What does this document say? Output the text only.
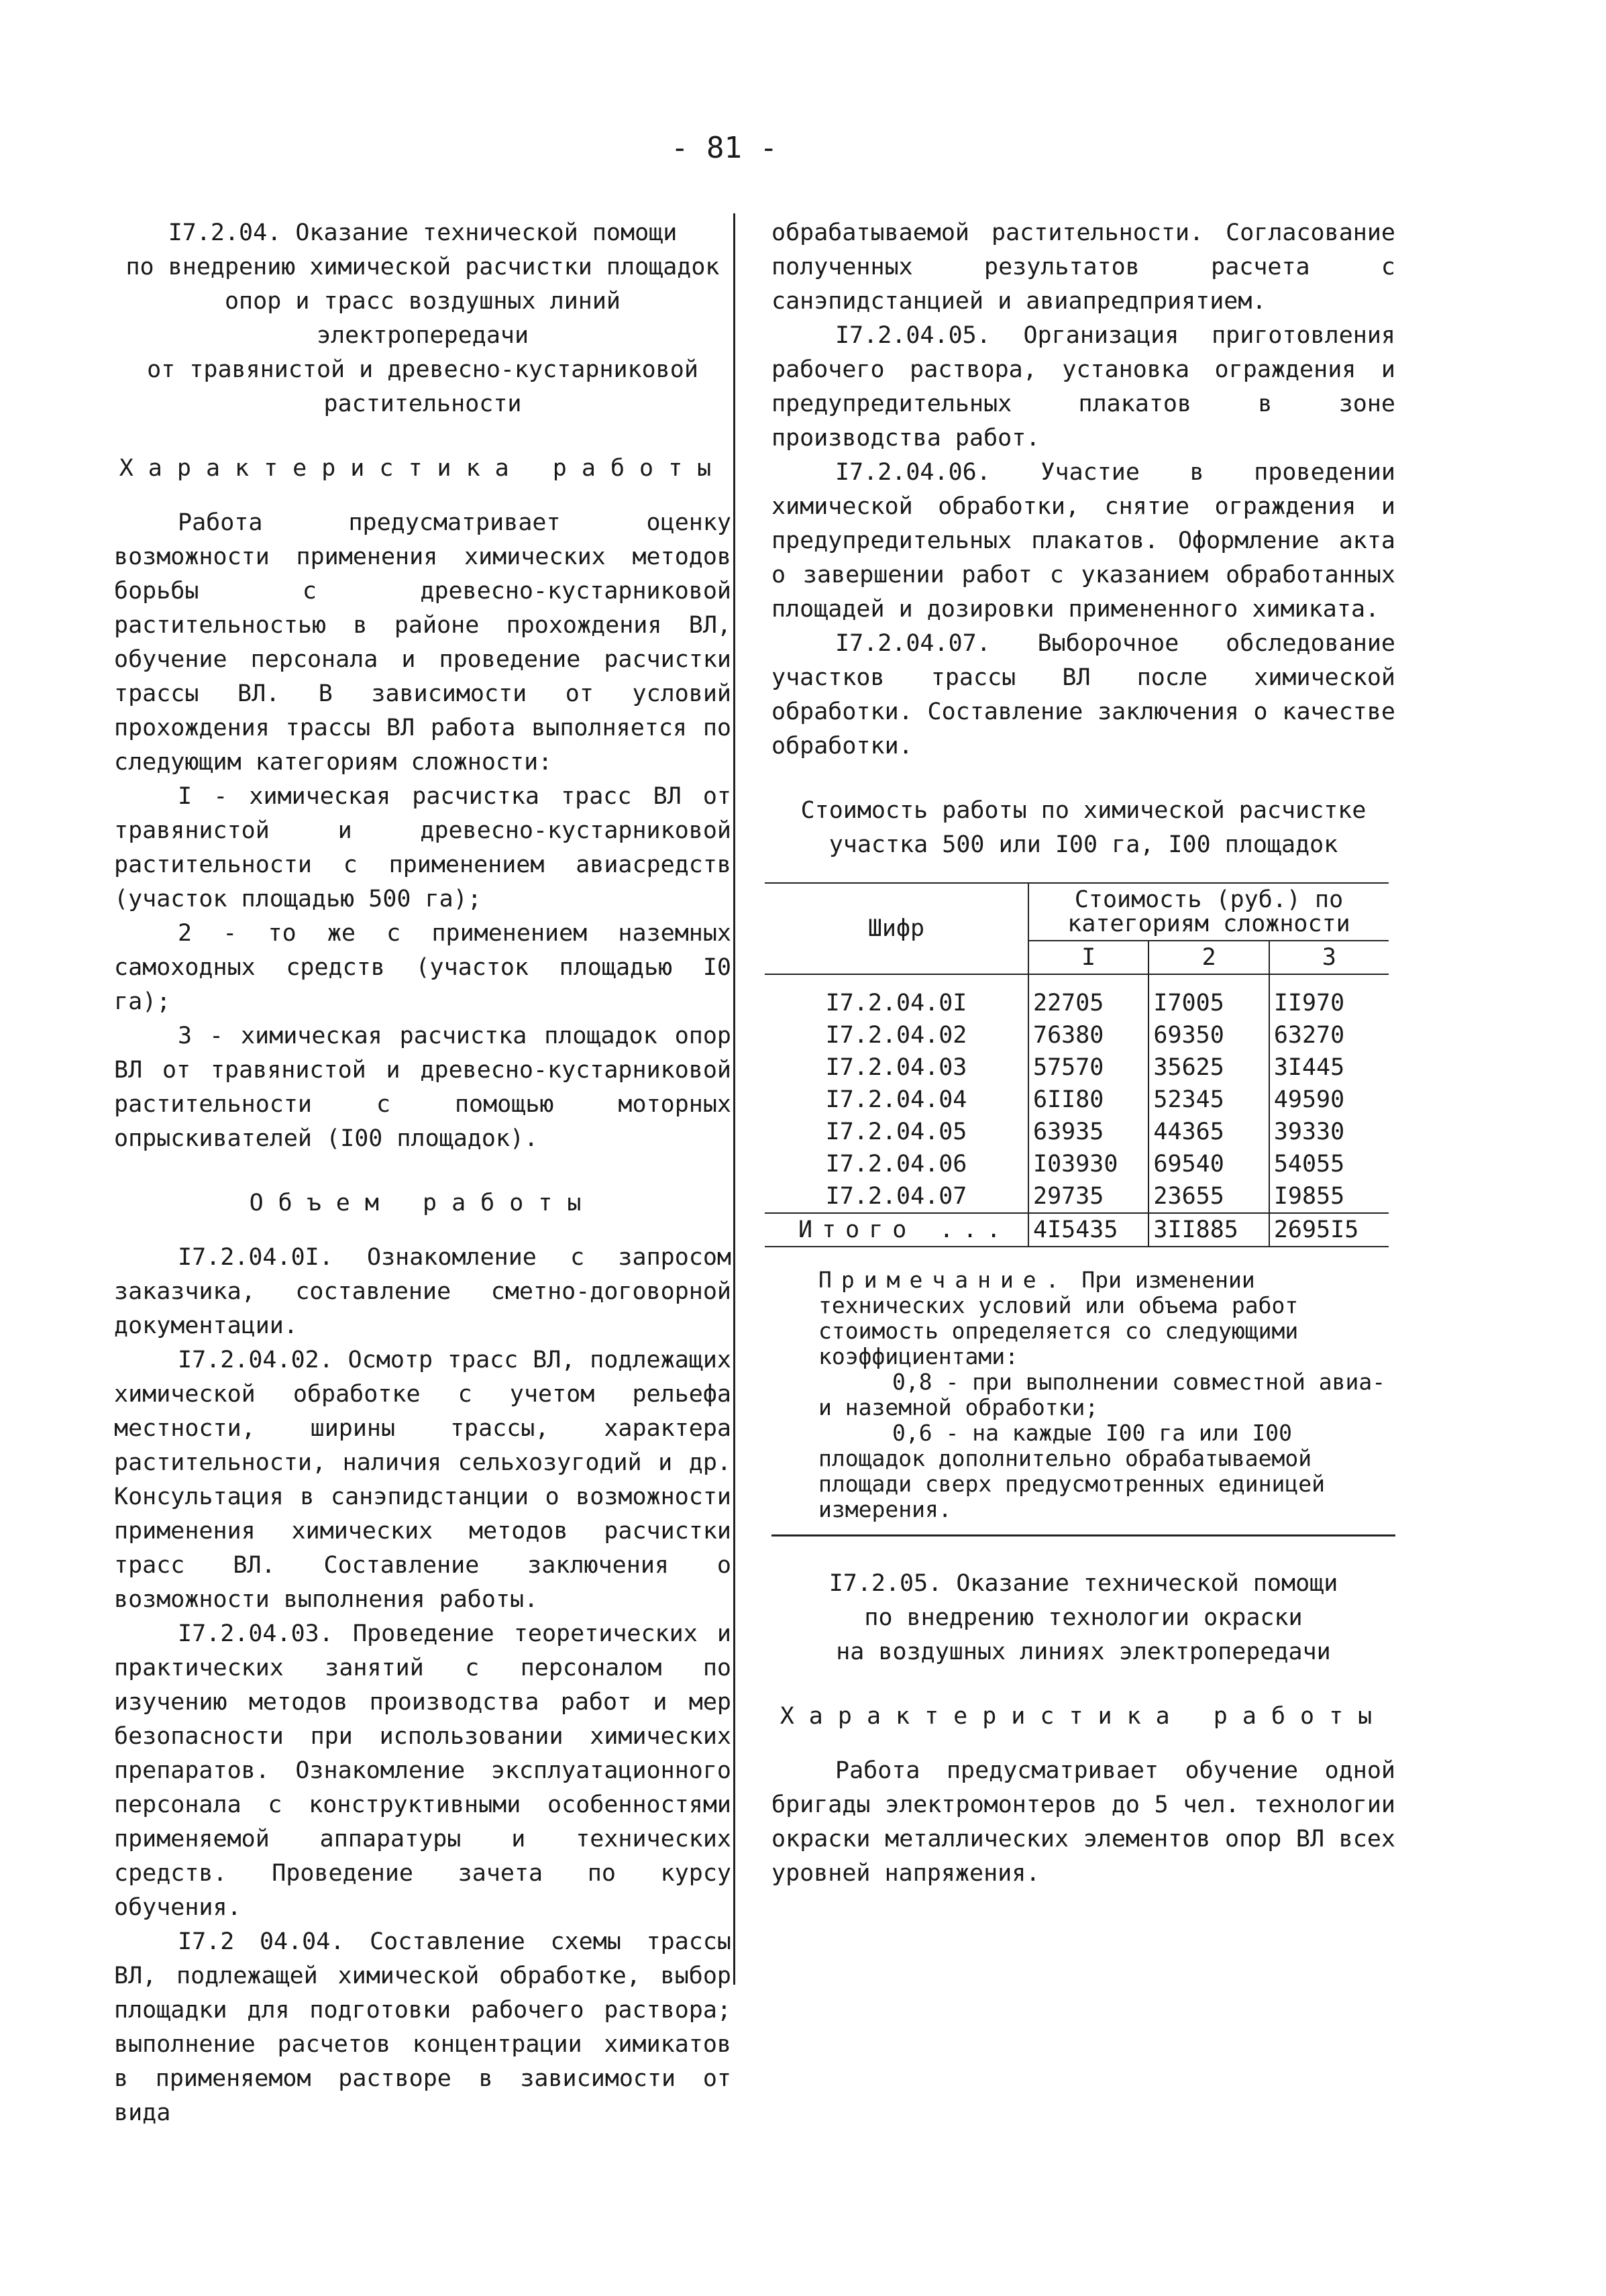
- 81 -
I7.2.04. Оказание технической помощи
по внедрению химической расчистки площадок
опор и трасс воздушных линий электропередачи
от травянистой и древесно-кустарниковой
растительности
Характеристика работы

Работа предусматривает оценку возможности применения химических методов борьбы с древесно-кустарниковой растительностью в районе прохождения ВЛ, обучение персонала и проведение расчистки трассы ВЛ. В зависимости от условий прохождения трассы ВЛ работа выполняется по следующим категориям сложности:

I - химическая расчистка трасс ВЛ от травянистой и древесно-кустарниковой растительности с применением авиасредств (участок площадью 500 га);

2 - то же с применением наземных самоходных средств (участок площадью I0 га);

3 - химическая расчистка площадок опор ВЛ от травянистой и древесно-кустарниковой растительности с помощью моторных опрыскивателей (I00 площадок).

Объем работы

I7.2.04.0I. Ознакомление с запросом заказчика, составление сметно-договорной документации.

I7.2.04.02. Осмотр трасс ВЛ, подлежащих химической обработке с учетом рельефа местности, ширины трассы, характера растительности, наличия сельхозугодий и др. Консультация в санэпидстанции о возможности применения химических методов расчистки трасс ВЛ. Составление заключения о возможности выполнения работы.

I7.2.04.03. Проведение теоретических и практических занятий с персоналом по изучению методов производства работ и мер безопасности при использовании химических препаратов. Ознакомление эксплуатационного персонала с конструктивными особенностями применяемой аппаратуры и технических средств. Проведение зачета по курсу обучения.

I7.2 04.04. Составление схемы трассы ВЛ, подлежащей химической обработке, выбор площадки для подготовки рабочего раствора; выполнение расчетов концентрации химикатов в применяемом растворе в зависимости от вида

обрабатываемой растительности. Согласование полученных результатов расчета с санэпидстанцией и авиапредприятием.

I7.2.04.05. Организация приготовления рабочего раствора, установка ограждения и предупредительных плакатов в зоне производства работ.

I7.2.04.06. Участие в проведении химической обработки, снятие ограждения и предупредительных плакатов. Оформление акта о завершении работ с указанием обработанных площадей и дозировки примененного химиката.

I7.2.04.07. Выборочное обследование участков трассы ВЛ после химической обработки. Составление заключения о качестве обработки.

Стоимость работы по химической расчистке
участка 500 или I00 га, I00 площадок
Шифр	Стоимость (руб.) по категориям сложности		
	I	2	3

I7.2.04.0I	22705	I7005	II970
I7.2.04.02	76380	69350	63270
I7.2.04.03	57570	35625	3I445
I7.2.04.04	6II80	52345	49590
I7.2.04.05	63935	44365	39330
I7.2.04.06	I03930	69540	54055
I7.2.04.07	29735	23655	I9855
Итого ...	4I5435	3II885	2695I5
Примечание. При изменении технических условий или объема работ стоимость определяется со следующими коэффициентами:
0,8 - при выполнении совместной авиа- и наземной обработки;
0,6 - на каждые I00 га или I00 площадок дополнительно обрабатываемой площади сверх предусмотренных единицей измерения.
I7.2.05. Оказание технической помощи
по внедрению технологии окраски
на воздушных линиях электропередачи
Характеристика работы

Работа предусматривает обучение одной бригады электромонтеров до 5 чел. технологии окраски металлических элементов опор ВЛ всех уровней напряжения.
